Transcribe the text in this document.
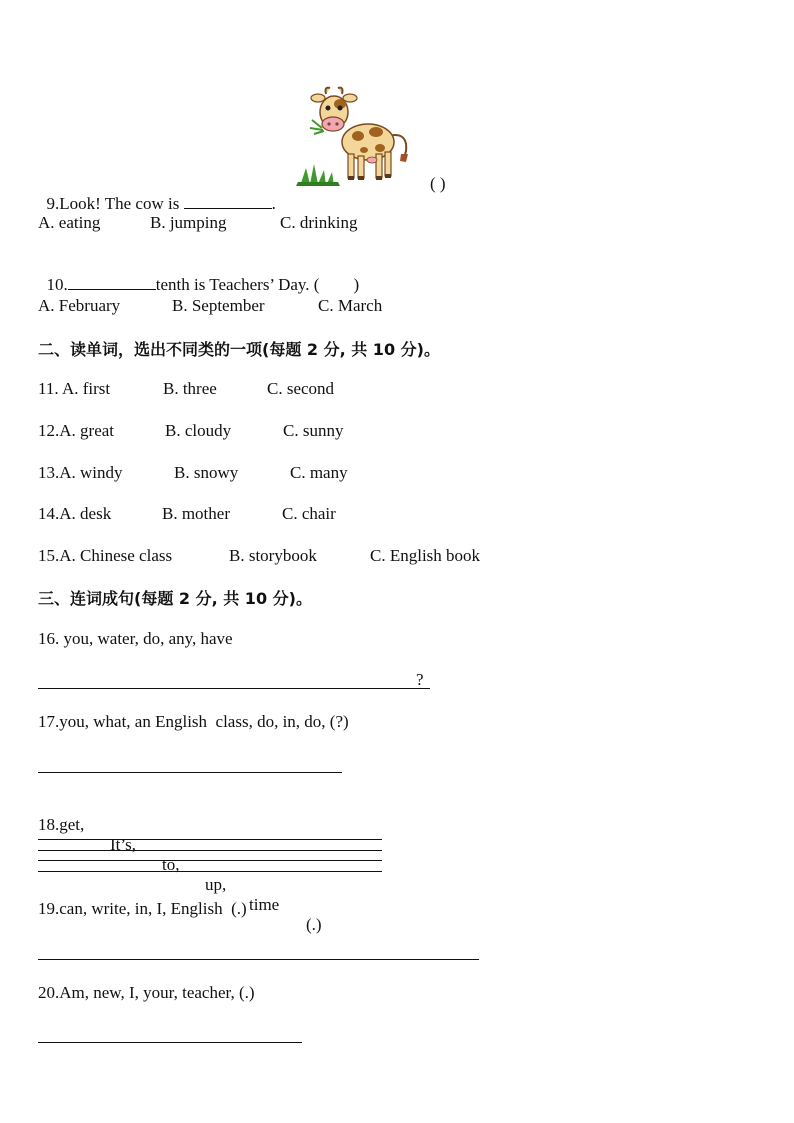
9.Look! The cow is	.

( )
A. eating	B. jumping	C. drinking

10.	tenth is Teachers’ Day. (        )

A. February	B. September	C. March
二、读单词，选出不同类的一项(每题 2 分, 共 10 分)。
11. A. first	B. three	C. second
12.A. great	B. cloudy	C. sunny
13.A. windy	B. snowy	C. many
14.A. desk	B. mother	C. chair
15.A. Chinese class	B. storybook	C. English book
三、连词成句(每题 2 分, 共 10 分)。
16. you, water, do, any, have
?
17.you, what, an English  class, do, in, do, (?)

18.get,

It’s,

to,

up,

time

(.)

19.can, write, in, I, English  (.)
20.Am, new, I, your, teacher, (.)
